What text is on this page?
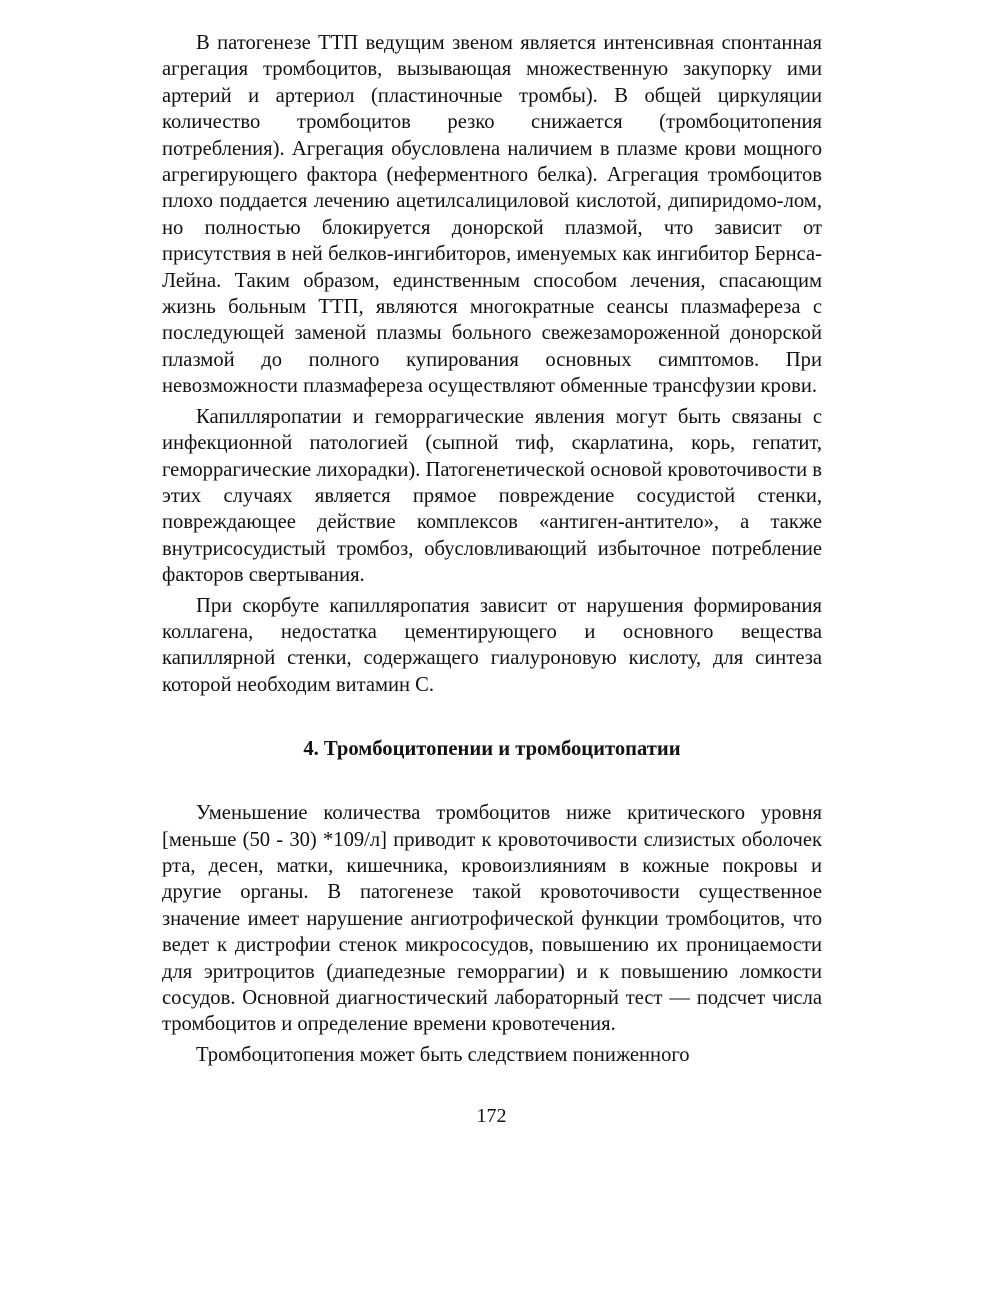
В патогенезе ТТП ведущим звеном является интенсивная спонтанная агрегация тромбоцитов, вызывающая множественную закупорку ими артерий и артериол (пластиночные тромбы). В общей циркуляции количество тромбоцитов резко снижается (тромбоцитопения потребления). Агрегация обусловлена наличием в плазме крови мощного агрегирующего фактора (неферментного белка). Агрегация тромбоцитов плохо поддается лечению ацетилсалициловой кислотой, дипиридомо-лом, но полностью блокируется донорской плазмой, что зависит от присутствия в ней белков-ингибиторов, именуемых как ингибитор Бернса-Лейна. Таким образом, единственным способом лечения, спасающим жизнь больным ТТП, являются многократные сеансы плазмафереза с последующей заменой плазмы больного свежезамороженной донорской плазмой до полного купирования основных симптомов. При невозможности плазмафереза осуществляют обменные трансфузии крови.

Капилляропатии и геморрагические явления могут быть связаны с инфекционной патологией (сыпной тиф, скарлатина, корь, гепатит, геморрагические лихорадки). Патогенетической основой кровоточивости в этих случаях является прямое повреждение сосудистой стенки, повреждающее действие комплексов «антиген-антитело», а также внутрисосудистый тромбоз, обусловливающий избыточное потребление факторов свертывания.

При скорбуте капилляропатия зависит от нарушения формирования коллагена, недостатка цементирующего и основного вещества капиллярной стенки, содержащего гиалуроновую кислоту, для синтеза которой необходим витамин С.

4. Тромбоцитопении и тромбоцитопатии

Уменьшение количества тромбоцитов ниже критического уровня [меньше (50 - 30) *109/л] приводит к кровоточивости слизистых оболочек рта, десен, матки, кишечника, кровоизлияниям в кожные покровы и другие органы. В патогенезе такой кровоточивости существенное значение имеет нарушение ангиотрофической функции тромбоцитов, что ведет к дистрофии стенок микрососудов, повышению их проницаемости для эритроцитов (диапедезные геморрагии) и к повышению ломкости сосудов. Основной диагностический лабораторный тест — подсчет числа тромбоцитов и определение времени кровотечения.

Тромбоцитопения может быть следствием пониженного

172
